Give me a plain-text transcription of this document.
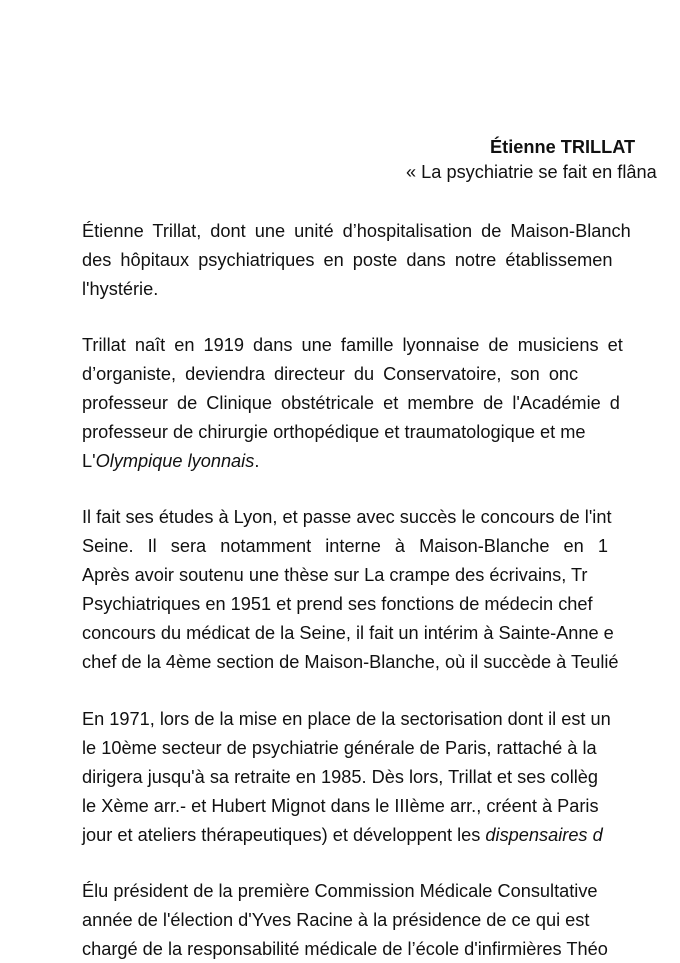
Étienne TRILLAT
« La psychiatrie se fait en flâna
Étienne Trillat, dont une unité d’hospitalisation de Maison-Blanch
des hôpitaux psychiatriques en poste dans notre établissemen
l'hystérie.
Trillat naît en 1919 dans une famille lyonnaise de musiciens et
d’organiste, deviendra directeur du Conservatoire, son onc
professeur de Clinique obstétricale et membre de l'Académie d
professeur de chirurgie orthopédique et traumatologique et me
L'Olympique lyonnais.
Il fait ses études à Lyon, et passe avec succès le concours de l'int
Seine. Il sera notamment interne à Maison-Blanche en 1
Après avoir soutenu une thèse sur La crampe des écrivains, Tr
Psychiatriques en 1951 et prend ses fonctions de médecin chef
concours du médicat de la Seine, il fait un intérim à Sainte-Anne e
chef de la 4ème section de Maison-Blanche, où il succède à Teulié
En 1971, lors de la mise en place de la sectorisation dont il est un
le 10ème secteur de psychiatrie générale de Paris, rattaché à la
dirigera jusqu'à sa retraite en 1985. Dès lors, Trillat et ses collèg
le Xème arr.- et Hubert Mignot dans le IIIème arr., créent à Paris
jour et ateliers thérapeutiques) et développent les dispensaires d
Élu président de la première Commission Médicale Consultative
année de l'élection d'Yves Racine à la présidence de ce qui est
chargé de la responsabilité médicale de l’école d'infirmières Théo
